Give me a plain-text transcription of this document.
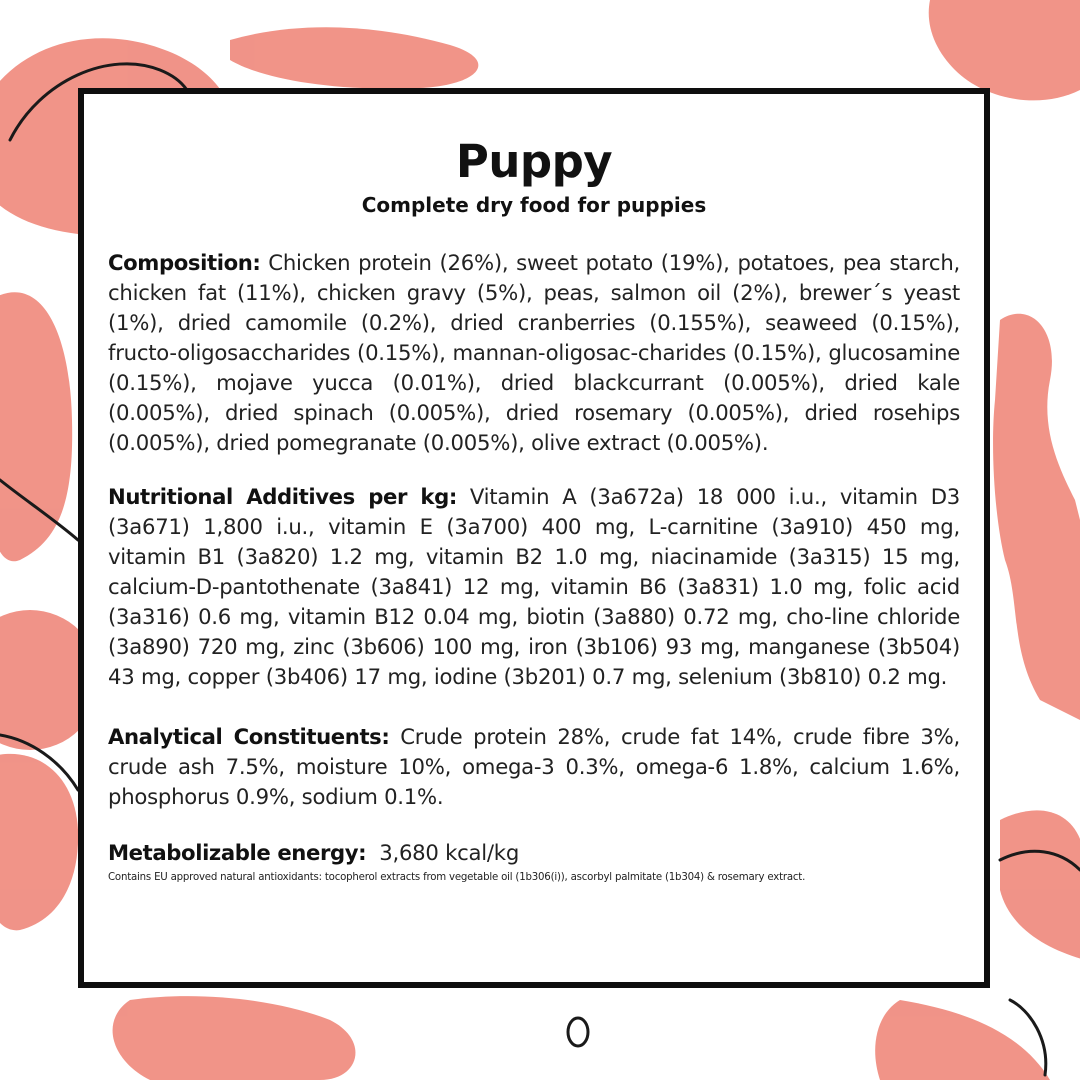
Puppy

Complete dry food for puppies

Composition: Chicken protein (26%), sweet potato (19%), potatoes, pea starch, chicken fat (11%), chicken gravy (5%), peas, salmon oil (2%), brewer´s yeast (1%), dried camomile (0.2%), dried cranberries (0.155%), seaweed (0.15%), fructo-oligosaccharides (0.15%), mannan-oligosac-charides (0.15%), glucosamine (0.15%), mojave yucca (0.01%), dried blackcurrant (0.005%), dried kale (0.005%), dried spinach (0.005%), dried rosemary (0.005%), dried rosehips (0.005%), dried pomegranate (0.005%), olive extract (0.005%).

Nutritional Additives per kg: Vitamin A (3a672a) 18 000 i.u., vitamin D3 (3a671) 1,800 i.u., vitamin E (3a700) 400 mg, L-carnitine (3a910) 450 mg, vitamin B1 (3a820) 1.2 mg, vitamin B2 1.0 mg, niacinamide (3a315) 15 mg, calcium-D-pantothenate (3a841) 12 mg, vitamin B6 (3a831) 1.0 mg, folic acid (3a316) 0.6 mg, vitamin B12 0.04 mg, biotin (3a880) 0.72 mg, cho-line chloride (3a890) 720 mg, zinc (3b606) 100 mg, iron (3b106) 93 mg, manganese (3b504) 43 mg, copper (3b406) 17 mg, iodine (3b201) 0.7 mg, selenium (3b810) 0.2 mg.

Analytical Constituents: Crude protein 28%, crude fat 14%, crude fibre 3%, crude ash 7.5%, moisture 10%, omega-3 0.3%, omega-6 1.8%, calcium 1.6%, phosphorus 0.9%, sodium 0.1%.

Metabolizable energy:  3,680 kcal/kg

Contains EU approved natural antioxidants: tocopherol extracts from vegetable oil (1b306(i)), ascorbyl palmitate (1b304) & rosemary extract.
